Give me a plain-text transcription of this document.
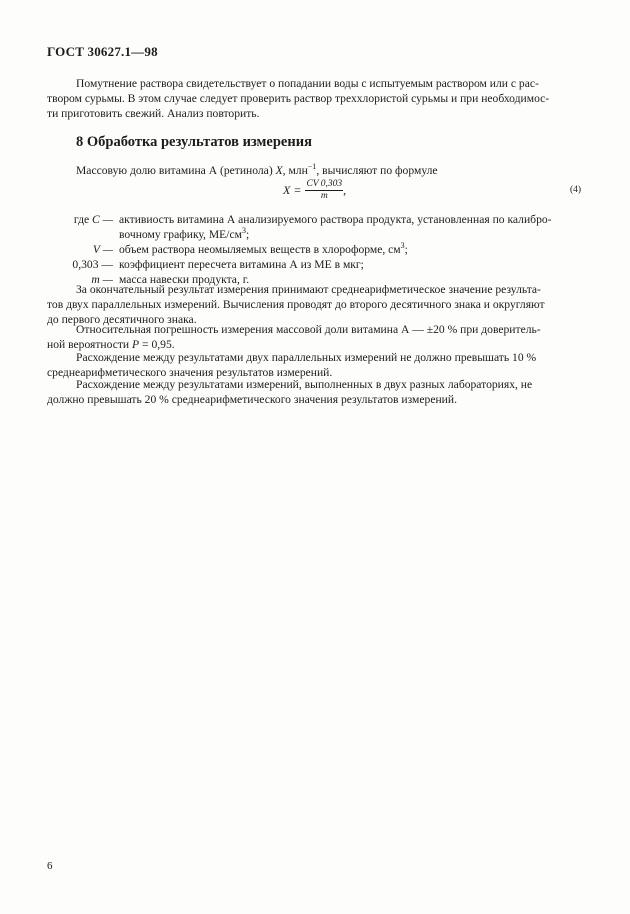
ГОСТ 30627.1—98
Помутнение раствора свидетельствует о попадании воды с испытуемым раствором или с рас-
твором сурьмы. В этом случае следует проверить раствор треххлористой сурьмы и при необходимос-
ти приготовить свежий. Анализ повторить.
8 Обработка результатов измерения
Массовую долю витамина А (ретинола) X, млн$^{-1}$, вычисляют по формуле
$X = \frac{CV 0,303}{m}$ ,	(4)
где C — активиость витамина А анализируемого раствора продукта, установленная по калибро-
вочному графику, $МЕ/см^3$;
V — объем раствора неомыляемых веществ в хлороформе, $см^3$;
0,303 — коэффициент пересчета витамина А из МЕ в мкг;
m — масса навески продукта, г.
За окончательный результат измерения принимают среднеарифметическое значение результа-
тов двух параллельных измерений. Вычисления проводят до второго десятичного знака и округляют
до первого десятичного знака.
Относительная погрешность измерения массовой доли витамина А — ±20 % при доверитель-
ной вероятности P = 0,95.
Расхождение между результатами двух параллельных измерений не должно превышать 10 %
среднеарифметического значения результатов измерений.
Расхождение между результатами измерений, выполненных в двух разных лабораториях, не
должно превышать 20 % среднеарифметического значения результатов измерений.
6
